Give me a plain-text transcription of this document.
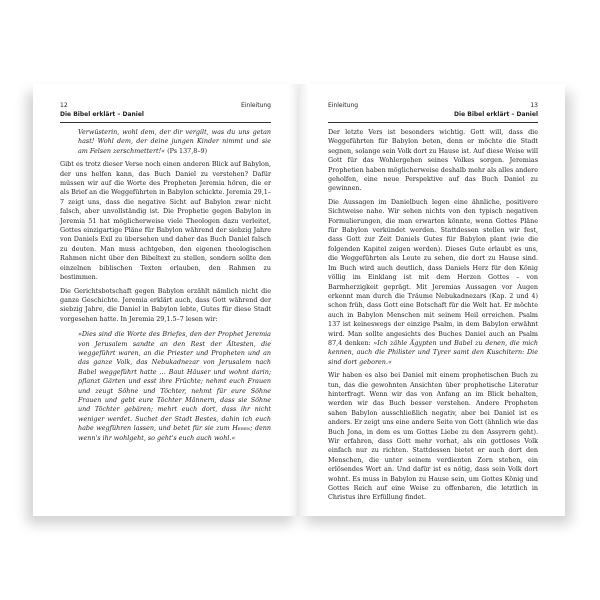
12
Die Bibel erklärt – Daniel
Einleitung

Verwüsterin, wohl dem, der dir vergilt, was du uns getan hast! Wohl dem, der deine jungen Kinder nimmt und sie am Felsen zerschmettert!« (Ps 137,8–9)

Gibt es trotz dieser Verse noch einen anderen Blick auf Babylon, der uns helfen kann, das Buch Daniel zu verstehen? Dafür müssen wir auf die Worte des Propheten Jeremia hören, die er als Brief an die Weggeführten in Babylon schickte. Jeremia 29,1–7 zeigt uns, dass die negative Sicht auf Babylon zwar nicht falsch, aber unvollständig ist. Die Prophetie gegen Babylon in Jeremia 51 hat möglicherweise viele Theologen dazu verleitet, Gottes einzigartige Pläne für Babylon während der siebzig Jahre von Daniels Exil zu übersehen und daher das Buch Daniel falsch zu deuten. Man muss achtgeben, den eigenen theologischen Rahmen nicht über den Bibeltext zu stellen, sondern sollte den einzelnen biblischen Texten erlauben, den Rahmen zu bestimmen.

Die Gerichtsbotschaft gegen Babylon erzählt nämlich nicht die ganze Geschichte. Jeremia erklärt auch, dass Gott während der siebzig Jahre, die Daniel in Babylon lebte, Gutes für diese Stadt vorgesehen hatte. In Jeremia 29,1.5–7 lesen wir:

»Dies sind die Worte des Briefes, den der Prophet Jeremia von Jerusalem sandte an den Rest der Ältesten, die weggeführt waren, an die Priester und Propheten und an das ganze Volk, das Nebukadnezar von Jerusalem nach Babel weggeführt hatte … Baut Häuser und wohnt darin; pflanzt Gärten und esst ihre Früchte; nehmt euch Frauen und zeugt Söhne und Töchter, nehmt für eure Söhne Frauen und gebt eure Töchter Männern, dass sie Söhne und Töchter gebären; mehrt euch dort, dass ihr nicht weniger werdet. Suchet der Stadt Bestes, dahin ich euch habe wegführen lassen, und betet für sie zum Herrn; denn wenn's ihr wohlgeht, so geht's euch auch wohl.«

13
Die Bibel erklärt – Daniel
Einleitung

Der letzte Vers ist besonders wichtig. Gott will, dass die Weggeführten für Babylon beten, denn er möchte die Stadt segnen, solange sein Volk dort zu Hause ist. Auf diese Weise will Gott für das Wohlergehen seines Volkes sorgen. Jeremias Prophetien haben möglicherweise deshalb mehr als alles andere geholfen, eine neue Perspektive auf das Buch Daniel zu gewinnen.

Die Aussagen im Danielbuch legen eine ähnliche, positivere Sichtweise nahe. Wir sehen nichts von den typisch negativen Formulierungen, die man erwarten könnte, wenn Gottes Pläne für Babylon verkündet werden. Stattdessen stellen wir fest, dass Gott zur Zeit Daniels Gutes für Babylon plant (wie die folgenden Kapitel zeigen werden). Dieses Gute erlaubt es uns, die Weggeführten als Leute zu sehen, die dort zu Hause sind. Im Buch wird auch deutlich, dass Daniels Herz für den König völlig im Einklang ist mit dem Herzen Gottes – von Barmherzigkeit geprägt. Mit Jeremias Aussagen vor Augen erkennt man durch die Träume Nebukadnezars (Kap. 2 und 4) schon früh, dass Gott eine Botschaft für die Welt hat. Er möchte auch in Babylon Menschen mit seinem Heil erreichen. Psalm 137 ist keineswegs der einzige Psalm, in dem Babylon erwähnt wird. Man sollte angesichts des Buches Daniel auch an Psalm 87,4 denken: »Ich zähle Ägypten und Babel zu denen, die mich kennen, auch die Philister und Tyrer samt den Kuschitern: Die sind dort geboren.«

Wir haben es also bei Daniel mit einem prophetischen Buch zu tun, das die gewohnten Ansichten über prophetische Literatur hinterfragt. Wenn wir das von Anfang an im Blick behalten, werden wir das Buch besser verstehen. Andere Propheten sahen Babylon ausschließlich negativ, aber bei Daniel ist es anders. Er zeigt uns eine andere Seite von Gott (ähnlich wie das Buch Jona, in dem es um Gottes Liebe zu den Assyrern geht). Wir erfahren, dass Gott mehr vorhat, als ein gottloses Volk einfach nur zu richten. Stattdessen bietet er auch dort den Menschen, die unter seinem verdienten Zorn stehen, ein erlösendes Wort an. Und dafür ist es nötig, dass sein Volk dort wohnt. Es muss in Babylon zu Hause sein, um Gottes König und Gottes Reich auf eine Weise zu offenbaren, die letztlich in Christus ihre Erfüllung findet.
